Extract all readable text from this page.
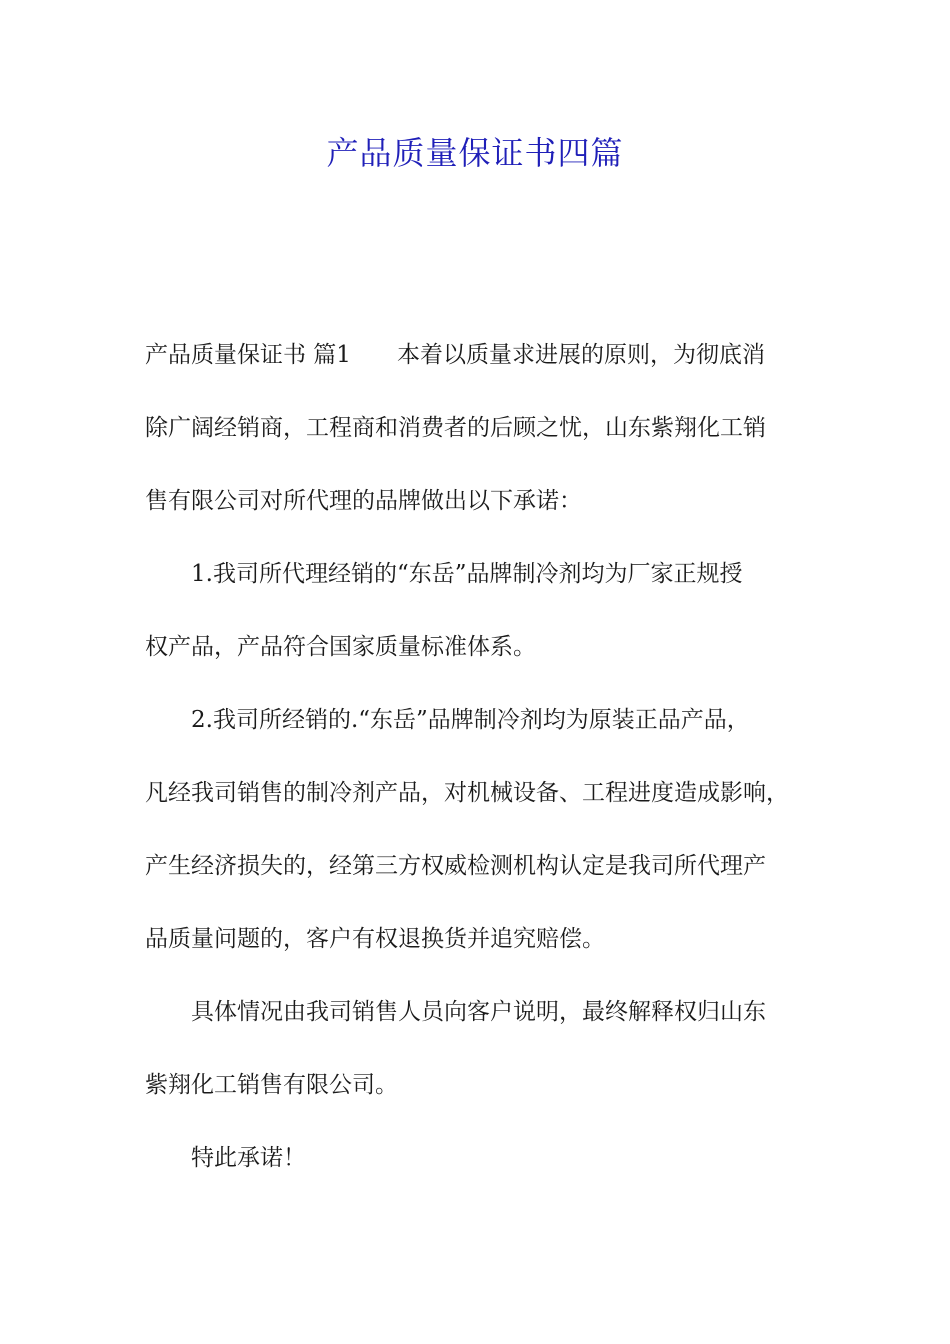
产品质量保证书四篇
产品质量保证书 篇1 本着以质量求进展的原则，为彻底消
除广阔经销商，工程商和消费者的后顾之忧，山东紫翔化工销
售有限公司对所代理的品牌做出以下承诺：
1.我司所代理经销的“东岳”品牌制冷剂均为厂家正规授
权产品，产品符合国家质量标准体系。
2.我司所经销的.“东岳”品牌制冷剂均为原装正品产品，
凡经我司销售的制冷剂产品，对机械设备、工程进度造成影响，
产生经济损失的，经第三方权威检测机构认定是我司所代理产
品质量问题的，客户有权退换货并追究赔偿。
具体情况由我司销售人员向客户说明，最终解释权归山东
紫翔化工销售有限公司。
特此承诺！
